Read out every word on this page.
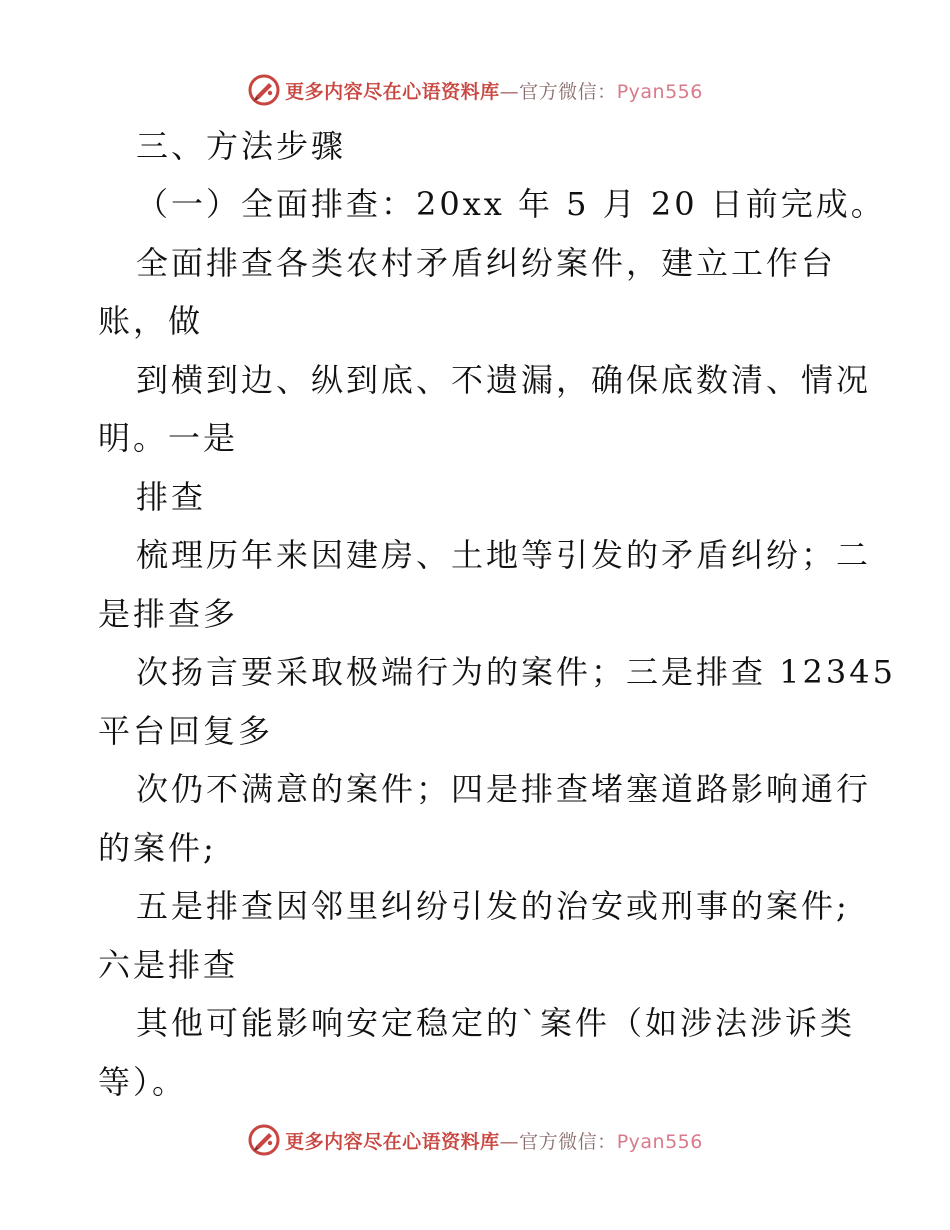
更多内容尽在心语资料库—官方微信：Pyan556
三、方法步骤
（一）全面排查：20xx 年 5 月 20 日前完成。
全面排查各类农村矛盾纠纷案件，建立工作台
账，做
到横到边、纵到底、不遗漏，确保底数清、情况
明。一是
排查
梳理历年来因建房、土地等引发的矛盾纠纷；二
是排查多
次扬言要采取极端行为的案件；三是排查 12345
平台回复多
次仍不满意的案件；四是排查堵塞道路影响通行
的案件;
五是排查因邻里纠纷引发的治安或刑事的案件;
六是排查
其他可能影响安定稳定的`案件（如涉法涉诉类
等）。
更多内容尽在心语资料库—官方微信：Pyan556
